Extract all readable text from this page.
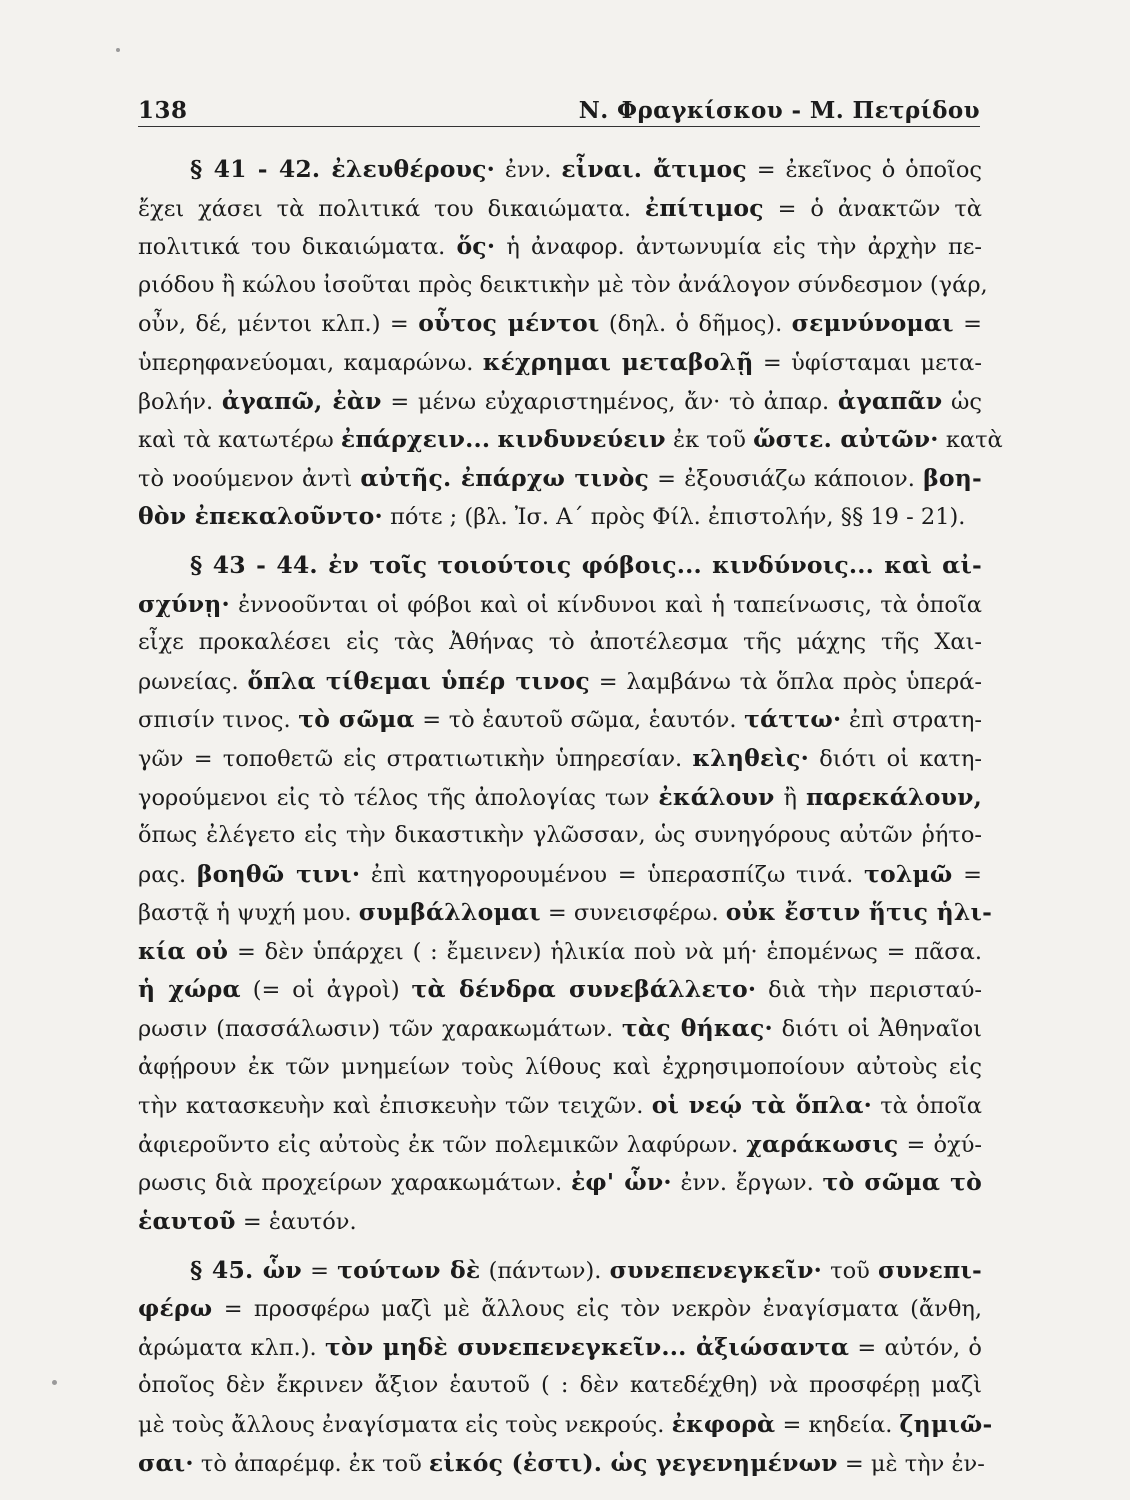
138	Ν. Φραγκίσκου - Μ. Πετρίδου
§ 41 - 42. ἐλευθέρους· ἐνν. εἶναι. ἄτιμος = ἐκεῖνος ὁ ὁποῖος
ἔχει χάσει τὰ πολιτικά του δικαιώματα. ἐπίτιμος = ὁ ἀνακτῶν τὰ
πολιτικά του δικαιώματα. ὅς· ἡ ἀναφορ. ἀντωνυμία εἰς τὴν ἀρχὴν πε-
ριόδου ἢ κώλου ἰσοῦται πρὸς δεικτικὴν μὲ τὸν ἀνάλογον σύνδεσμον (γάρ,
οὖν, δέ, μέντοι κλπ.) = οὗτος μέντοι (δηλ. ὁ δῆμος). σεμνύνομαι =
ὑπερηφανεύομαι, καμαρώνω. κέχρημαι μεταβολῇ = ὑφίσταμαι μετα-
βολήν. ἀγαπῶ, ἐὰν = μένω εὐχαριστημένος, ἄν· τὸ ἀπαρ. ἀγαπᾶν ὡς
καὶ τὰ κατωτέρω ἐπάρχειν... κινδυνεύειν ἐκ τοῦ ὥστε. αὐτῶν· κατὰ
τὸ νοούμενον ἀντὶ αὐτῆς. ἐπάρχω τινὸς = ἐξουσιάζω κάποιον. βοη-
θὸν ἐπεκαλοῦντο· πότε ; (βλ. Ἰσ. Α΄ πρὸς Φίλ. ἐπιστολήν, §§ 19 - 21).
§ 43 - 44. ἐν τοῖς τοιούτοις φόβοις... κινδύνοις... καὶ αἰ-
σχύνῃ· ἐννοοῦνται οἱ φόβοι καὶ οἱ κίνδυνοι καὶ ἡ ταπείνωσις, τὰ ὁποῖα
εἶχε προκαλέσει εἰς τὰς Ἀθήνας τὸ ἀποτέλεσμα τῆς μάχης τῆς Χαι-
ρωνείας. ὅπλα τίθεμαι ὑπέρ τινος = λαμβάνω τὰ ὅπλα πρὸς ὑπερά-
σπισίν τινος. τὸ σῶμα = τὸ ἑαυτοῦ σῶμα, ἑαυτόν. τάττω· ἐπὶ στρατη-
γῶν = τοποθετῶ εἰς στρατιωτικὴν ὑπηρεσίαν. κληθεὶς· διότι οἱ κατη-
γορούμενοι εἰς τὸ τέλος τῆς ἀπολογίας των ἐκάλουν ἢ παρεκάλουν,
ὅπως ἐλέγετο εἰς τὴν δικαστικὴν γλῶσσαν, ὡς συνηγόρους αὐτῶν ῥήτο-
ρας. βοηθῶ τινι· ἐπὶ κατηγορουμένου = ὑπερασπίζω τινά. τολμῶ =
βαστᾷ ἡ ψυχή μου. συμβάλλομαι = συνεισφέρω. οὐκ ἔστιν ἥτις ἡλι-
κία οὐ = δὲν ὑπάρχει ( : ἔμεινεν) ἡλικία ποὺ νὰ μή· ἑπομένως = πᾶσα.
ἡ χώρα (= οἱ ἀγροὶ) τὰ δένδρα συνεβάλλετο· διὰ τὴν περισταύ-
ρωσιν (πασσάλωσιν) τῶν χαρακωμάτων. τὰς θήκας· διότι οἱ Ἀθηναῖοι
ἀφῄρουν ἐκ τῶν μνημείων τοὺς λίθους καὶ ἐχρησιμοποίουν αὐτοὺς εἰς
τὴν κατασκευὴν καὶ ἐπισκευὴν τῶν τειχῶν. οἱ νεῴ τὰ ὅπλα· τὰ ὁποῖα
ἀφιεροῦντο εἰς αὐτοὺς ἐκ τῶν πολεμικῶν λαφύρων. χαράκωσις = ὀχύ-
ρωσις διὰ προχείρων χαρακωμάτων. ἐφ' ὧν· ἐνν. ἔργων. τὸ σῶμα τὸ
ἑαυτοῦ = ἑαυτόν.
§ 45. ὧν = τούτων δὲ (πάντων). συνεπενεγκεῖν· τοῦ συνεπι-
φέρω = προσφέρω μαζὶ μὲ ἄλλους εἰς τὸν νεκρὸν ἐναγίσματα (ἄνθη,
ἀρώματα κλπ.). τὸν μηδὲ συνεπενεγκεῖν... ἀξιώσαντα = αὐτόν, ὁ
ὁποῖος δὲν ἔκρινεν ἄξιον ἑαυτοῦ ( : δὲν κατεδέχθη) νὰ προσφέρῃ μαζὶ
μὲ τοὺς ἄλλους ἐναγίσματα εἰς τοὺς νεκρούς. ἐκφορὰ = κηδεία. ζημιῶ-
σαι· τὸ ἀπαρέμφ. ἐκ τοῦ εἰκός (ἐστι). ὡς γεγενημένων = μὲ τὴν ἐν-
